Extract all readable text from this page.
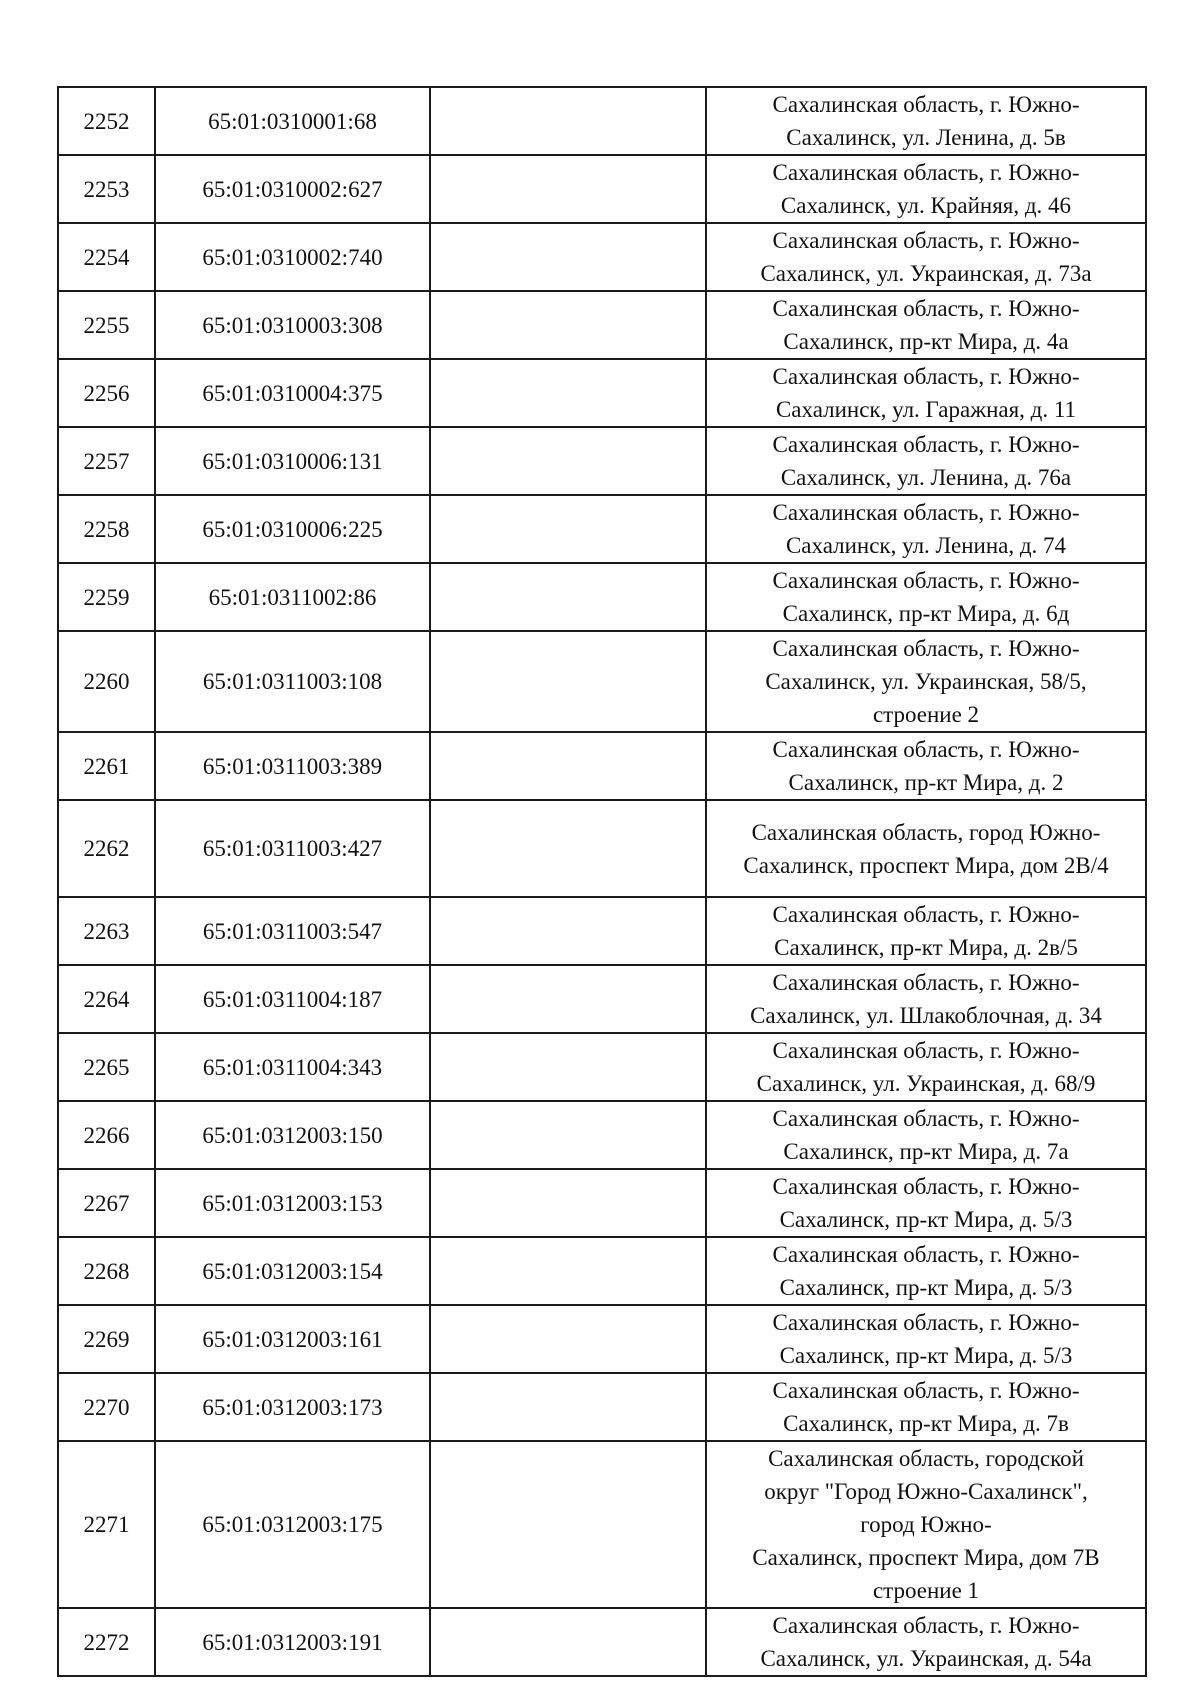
2252	65:01:0310001:68		Сахалинская область, г. Южно-
Сахалинск, ул. Ленина, д. 5в
2253	65:01:0310002:627		Сахалинская область, г. Южно-
Сахалинск, ул. Крайняя, д. 46
2254	65:01:0310002:740		Сахалинская область, г. Южно-
Сахалинск, ул. Украинская, д. 73а
2255	65:01:0310003:308		Сахалинская область, г. Южно-
Сахалинск, пр-кт Мира, д. 4а
2256	65:01:0310004:375		Сахалинская область, г. Южно-
Сахалинск, ул. Гаражная, д. 11
2257	65:01:0310006:131		Сахалинская область, г. Южно-
Сахалинск, ул. Ленина, д. 76а
2258	65:01:0310006:225		Сахалинская область, г. Южно-
Сахалинск, ул. Ленина, д. 74
2259	65:01:0311002:86		Сахалинская область, г. Южно-
Сахалинск, пр-кт Мира, д. 6д
2260	65:01:0311003:108		Сахалинская область, г. Южно-
Сахалинск, ул. Украинская, 58/5,
строение 2
2261	65:01:0311003:389		Сахалинская область, г. Южно-
Сахалинск, пр-кт Мира, д. 2
2262	65:01:0311003:427		Сахалинская область, город Южно-
Сахалинск, проспект Мира, дом 2В/4
2263	65:01:0311003:547		Сахалинская область, г. Южно-
Сахалинск, пр-кт Мира, д. 2в/5
2264	65:01:0311004:187		Сахалинская область, г. Южно-
Сахалинск, ул. Шлакоблочная, д. 34
2265	65:01:0311004:343		Сахалинская область, г. Южно-
Сахалинск, ул. Украинская, д. 68/9
2266	65:01:0312003:150		Сахалинская область, г. Южно-
Сахалинск, пр-кт Мира, д. 7а
2267	65:01:0312003:153		Сахалинская область, г. Южно-
Сахалинск, пр-кт Мира, д. 5/3
2268	65:01:0312003:154		Сахалинская область, г. Южно-
Сахалинск, пр-кт Мира, д. 5/3
2269	65:01:0312003:161		Сахалинская область, г. Южно-
Сахалинск, пр-кт Мира, д. 5/3
2270	65:01:0312003:173		Сахалинская область, г. Южно-
Сахалинск, пр-кт Мира, д. 7в
2271	65:01:0312003:175		Сахалинская область, городской
округ "Город Южно-Сахалинск",
город Южно-
Сахалинск, проспект Мира, дом 7В
строение 1
2272	65:01:0312003:191		Сахалинская область, г. Южно-
Сахалинск, ул. Украинская, д. 54а
